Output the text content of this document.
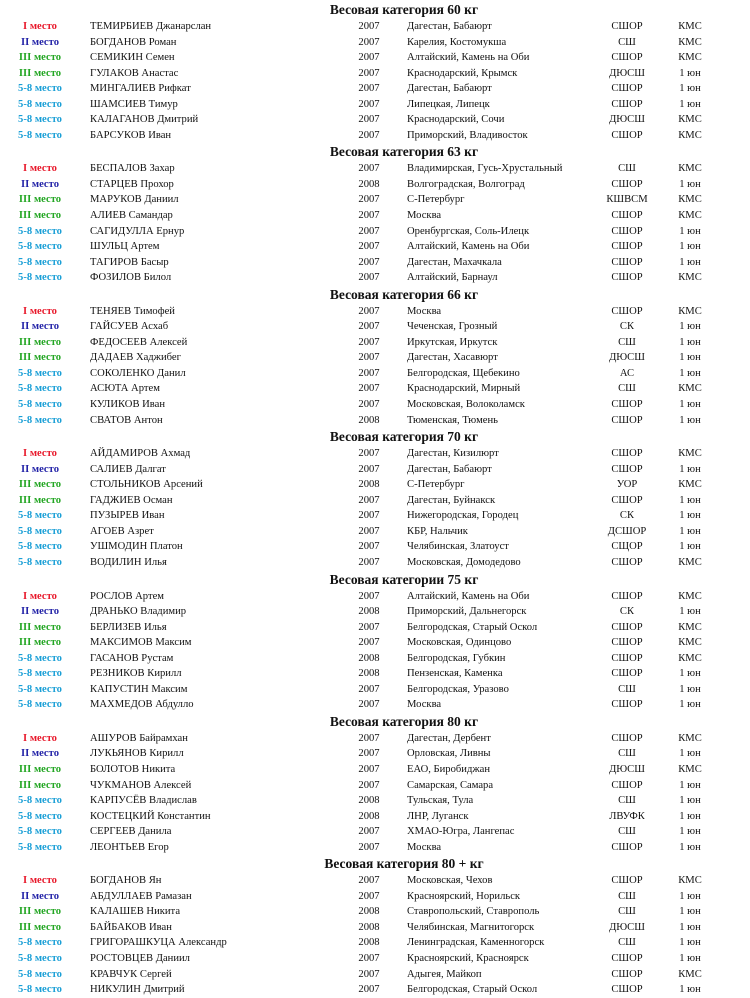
Весовая категория 60 кг
I место	ТЕМИРБИЕВ Джанарслан	2007	Дагестан, Бабаюрт	СШОР	КМС
II место	БОГДАНОВ Роман	2007	Карелия, Костомукша	СШ	КМС
III место	СЕМИКИН Семен	2007	Алтайский, Камень на Оби	СШОР	КМС
III место	ГУЛАКОВ Анастас	2007	Краснодарский, Крымск	ДЮСШ	1 юн
5-8 место	МИНГАЛИЕВ Рифкат	2007	Дагестан, Бабаюрт	СШОР	1 юн
5-8 место	ШАМСИЕВ Тимур	2007	Липецкая, Липецк	СШОР	1 юн
5-8 место	КАЛАГАНОВ Дмитрий	2007	Краснодарский, Сочи	ДЮСШ	КМС
5-8 место	БАРСУКОВ Иван	2007	Приморский, Владивосток	СШОР	КМС
Весовая категория 63 кг
I место	БЕСПАЛОВ Захар	2007	Владимирская, Гусь-Хрустальный	СШ	КМС
II место	СТАРЦЕВ Прохор	2008	Волгоградская, Волгоград	СШОР	1 юн
III место	МАРУКОВ Даниил	2007	С-Петербург	КШВСМ	КМС
III место	АЛИЕВ Самандар	2007	Москва	СШОР	КМС
5-8 место	САГИДУЛЛА Ернур	2007	Оренбургская, Соль-Илецк	СШОР	1 юн
5-8 место	ШУЛЬЦ Артем	2007	Алтайский, Камень на Оби	СШОР	1 юн
5-8 место	ТАГИРОВ Басыр	2007	Дагестан, Махачкала	СШОР	1 юн
5-8 место	ФОЗИЛОВ Билол	2007	Алтайский, Барнаул	СШОР	КМС
Весовая категория 66 кг
I место	ТЕНЯЕВ Тимофей	2007	Москва	СШОР	КМС
II место	ГАЙСУЕВ Асхаб	2007	Чеченская, Грозный	СК	1 юн
III место	ФЕДОСЕЕВ Алексей	2007	Иркутская, Иркутск	СШ	1 юн
III место	ДАДАЕВ Хаджибег	2007	Дагестан, Хасавюрт	ДЮСШ	1 юн
5-8 место	СОКОЛЕНКО Данил	2007	Белгородская, Щебекино	АС	1 юн
5-8 место	АСЮТА Артем	2007	Краснодарский, Мирный	СШ	КМС
5-8 место	КУЛИКОВ Иван	2007	Московская, Волоколамск	СШОР	1 юн
5-8 место	СВАТОВ Антон	2008	Тюменская, Тюмень	СШОР	1 юн
Весовая категория 70 кг
I место	АЙДАМИРОВ Ахмад	2007	Дагестан, Кизилюрт	СШОР	КМС
II место	САЛИЕВ Далгат	2007	Дагестан, Бабаюрт	СШОР	1 юн
III место	СТОЛЬНИКОВ Арсений	2008	С-Петербург	УОР	КМС
III место	ГАДЖИЕВ Осман	2007	Дагестан, Буйнакск	СШОР	1 юн
5-8 место	ПУЗЫРЕВ Иван	2007	Нижегородская, Городец	СК	1 юн
5-8 место	АГОЕВ Азрет	2007	КБР, Нальчик	ДСШОР	1 юн
5-8 место	УШМОДИН Платон	2007	Челябинская, Златоуст	СЩОР	1 юн
5-8 место	ВОДИЛИН Илья	2007	Московская, Домодедово	СШОР	КМС
Весовая категории 75 кг
I место	РОСЛОВ Артем	2007	Алтайский, Камень на Оби	СШОР	КМС
II место	ДРАНЬКО Владимир	2008	Приморский, Дальнегорск	СК	1 юн
III место	БЕРЛИЗЕВ Илья	2007	Белгородская, Старый Оскол	СШОР	КМС
III место	МАКСИМОВ Максим	2007	Московская, Одинцово	СШОР	КМС
5-8 место	ГАСАНОВ Рустам	2008	Белгородская, Губкин	СШОР	КМС
5-8 место	РЕЗНИКОВ Кирилл	2008	Пензенская, Каменка	СШОР	1 юн
5-8 место	КАПУСТИН Максим	2007	Белгородская, Уразово	СШ	1 юн
5-8 место	МАХМЕДОВ Абдулло	2007	Москва	СШОР	1 юн
Весовая категория 80 кг
I место	АШУРОВ Байрамхан	2007	Дагестан, Дербент	СШОР	КМС
II место	ЛУКЬЯНОВ Кирилл	2007	Орловская, Ливны	СШ	1 юн
III место	БОЛОТОВ Никита	2007	ЕАО, Биробиджан	ДЮСШ	КМС
III место	ЧУКМАНОВ Алексей	2007	Самарская, Самара	СШОР	1 юн
5-8 место	КАРПУСЁВ Владислав	2008	Тульская, Тула	СШ	1 юн
5-8 место	КОСТЕЦКИЙ Константин	2008	ЛНР, Луганск	ЛВУФК	1 юн
5-8 место	СЕРГЕЕВ Данила	2007	ХМАО-Югра, Лангепас	СШ	1 юн
5-8 место	ЛЕОНТЬЕВ Егор	2007	Москва	СШОР	1 юн
Весовая категория 80 + кг
I место	БОГДАНОВ Ян	2007	Московская, Чехов	СШОР	КМС
II место	АБДУЛЛАЕВ Рамазан	2007	Красноярский, Норильск	СШ	1 юн
III место	КАЛАШЕВ Никита	2008	Ставропольский, Ставрополь	СШ	1 юн
III место	БАЙБАКОВ Иван	2008	Челябинская, Магнитогорск	ДЮСШ	1 юн
5-8 место	ГРИГОРАШКУЦА Александр	2008	Ленинградская, Каменногорск	СШ	1 юн
5-8 место	РОСТОВЦЕВ Даниил	2007	Красноярский, Красноярск	СШОР	1 юн
5-8 место	КРАВЧУК Сергей	2007	Адыгея, Майкоп	СШОР	КМС
5-8 место	НИКУЛИН Дмитрий	2007	Белгородская, Старый Оскол	СШОР	1 юн
